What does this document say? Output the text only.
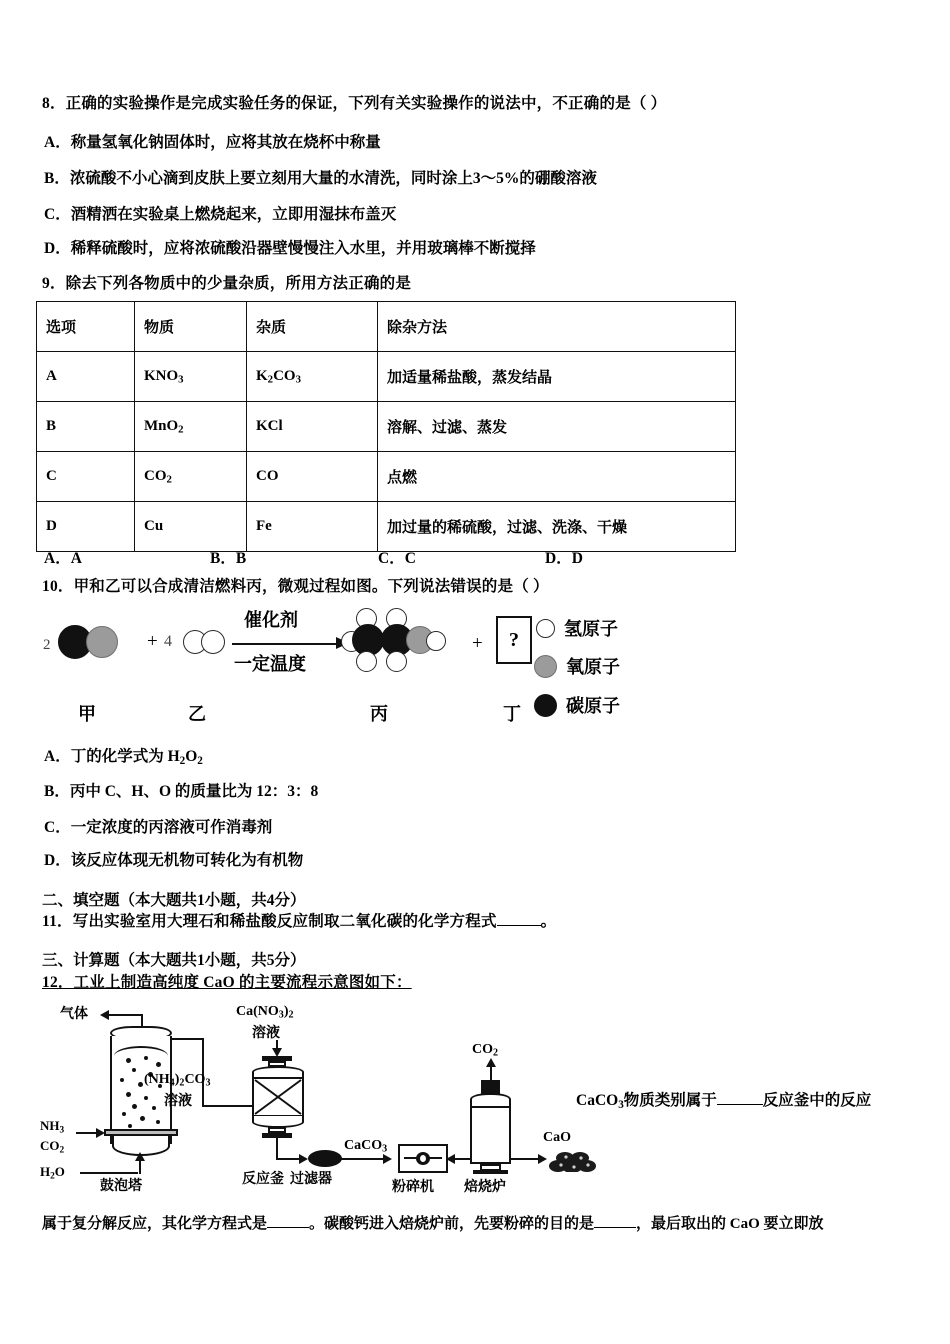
8．正确的实验操作是完成实验任务的保证，下列有关实验操作的说法中，不正确的是（ ）
A．称量氢氧化钠固体时，应将其放在烧杯中称量
B．浓硫酸不小心滴到皮肤上要立刻用大量的水清洗，同时涂上3～5%的硼酸溶液
C．酒精洒在实验桌上燃烧起来，立即用湿抹布盖灭
D．稀释硫酸时，应将浓硫酸沿器壁慢慢注入水里，并用玻璃棒不断搅择
9．除去下列各物质中的少量杂质，所用方法正确的是
选项	物质	杂质	除杂方法
A	$KNO_3$	$K_2CO_3$	加适量稀盐酸，蒸发结晶
B	MnO$_2$	KCl	溶解、过滤、蒸发
C	$CO_2$	CO	点燃
D	Cu	Fe	加过量的稀硫酸，过滤、洗涤、干燥
A．A	B．B	C．C	D．D
10．甲和乙可以合成清洁燃料丙，微观过程如图。下列说法错误的是（ ）
2	+ 4
催化剂
一定温度
+	?
甲	乙	丙	丁
氢原子
氧原子
碳原子
A．丁的化学式为 $H_2O_2$
B．丙中 C、H、O 的质量比为 12：3：8
C．一定浓度的丙溶液可作消毒剂
D．该反应体现无机物可转化为有机物
二、填空题（本大题共1小题，共4分）
11．写出实验室用大理石和稀盐酸反应制取二氧化碳的化学方程式	。
三、计算题（本大题共1小题，共5分）
12．工业上制造高纯度 CaO 的主要流程示意图如下：
气体
$NH_3$
$CO_2$
$H_2O$
鼓泡塔
$(NH_4)_2CO_3$
溶液
$Ca(NO_3)_2$
溶液
反应釜 过滤器
CaCO$_3$
粉碎机
$CO_2$
焙烧炉
CaO
CaCO$_3$物质类别属于	反应釜中的反应
属于复分解反应，其化学方程式是	。碳酸钙进入焙烧炉前，先要粉碎的目的是	，最后取出的 CaO 要立即放
